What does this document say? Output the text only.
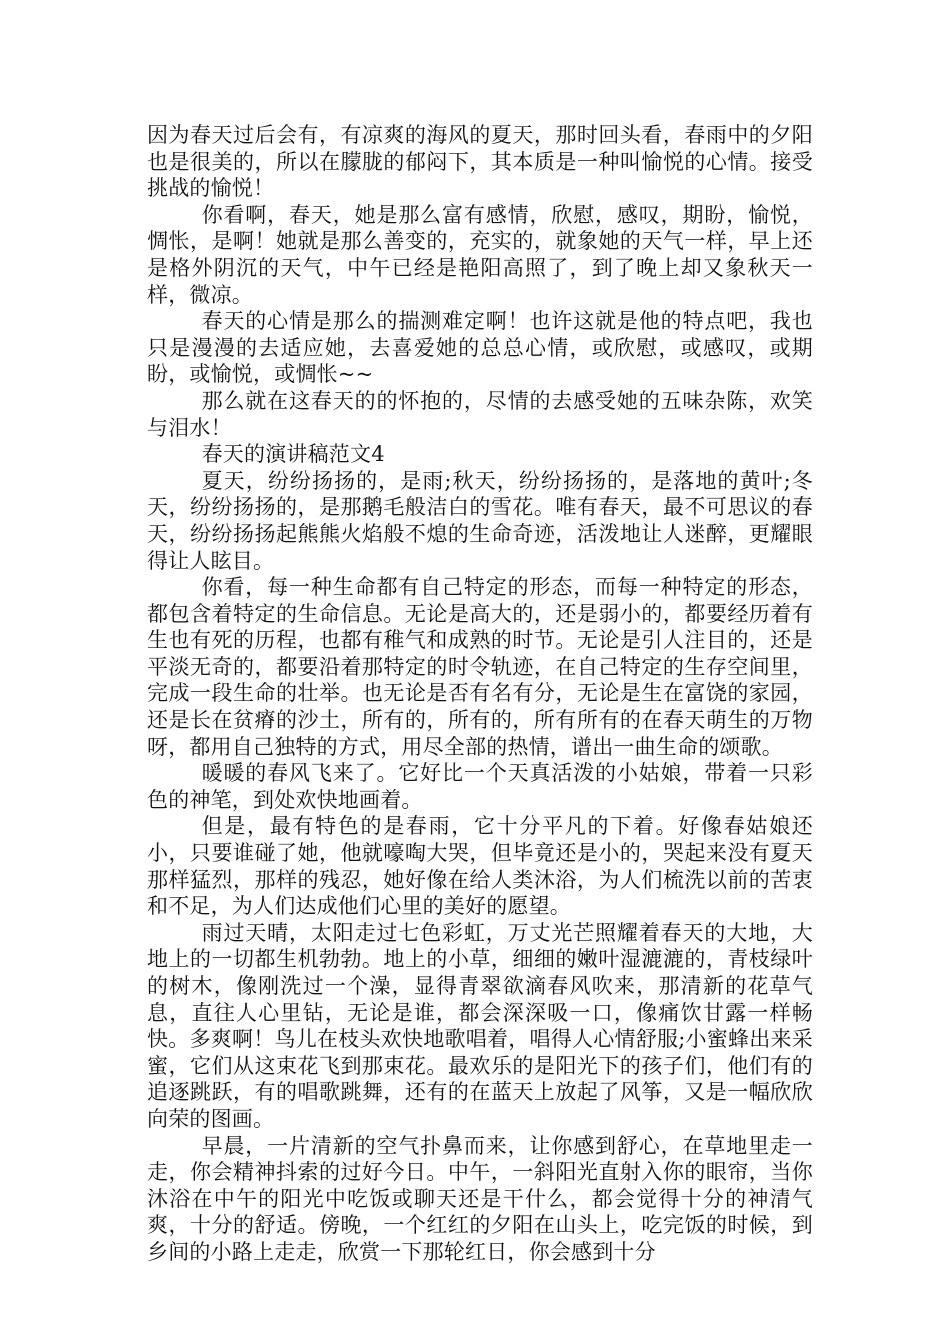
因为春天过后会有，有凉爽的海风的夏天，那时回头看，春雨中的夕阳也是很美的，所以在朦胧的郁闷下，其本质是一种叫愉悦的心情。接受挑战的愉悦！

你看啊，春天，她是那么富有感情，欣慰，感叹，期盼，愉悦，惆怅，是啊！她就是那么善变的，充实的，就象她的天气一样，早上还是格外阴沉的天气，中午已经是艳阳高照了，到了晚上却又象秋天一样，微凉。

春天的心情是那么的揣测难定啊！也许这就是他的特点吧，我也只是漫漫的去适应她，去喜爱她的总总心情，或欣慰，或感叹，或期盼，或愉悦，或惆怅~~

那么就在这春天的的怀抱的，尽情的去感受她的五味杂陈，欢笑与泪水！

春天的演讲稿范文4

夏天，纷纷扬扬的，是雨;秋天，纷纷扬扬的，是落地的黄叶;冬天，纷纷扬扬的，是那鹅毛般洁白的雪花。唯有春天，最不可思议的春天，纷纷扬扬起熊熊火焰般不熄的生命奇迹，活泼地让人迷醉，更耀眼得让人眩目。

你看，每一种生命都有自己特定的形态，而每一种特定的形态，都包含着特定的生命信息。无论是高大的，还是弱小的，都要经历着有生也有死的历程，也都有稚气和成熟的时节。无论是引人注目的，还是平淡无奇的，都要沿着那特定的时令轨迹，在自己特定的生存空间里，完成一段生命的壮举。也无论是否有名有分，无论是生在富饶的家园，还是长在贫瘠的沙土，所有的，所有的，所有所有的在春天萌生的万物呀，都用自己独特的方式，用尽全部的热情，谱出一曲生命的颂歌。

暖暖的春风飞来了。它好比一个天真活泼的小姑娘，带着一只彩色的神笔，到处欢快地画着。

但是，最有特色的是春雨，它十分平凡的下着。好像春姑娘还小，只要谁碰了她，他就嚎啕大哭，但毕竟还是小的，哭起来没有夏天那样猛烈，那样的残忍，她好像在给人类沐浴，为人们梳洗以前的苦衷和不足，为人们达成他们心里的美好的愿望。

雨过天晴，太阳走过七色彩虹，万丈光芒照耀着春天的大地，大地上的一切都生机勃勃。地上的小草，细细的嫩叶湿漉漉的，青枝绿叶的树木，像刚洗过一个澡，显得青翠欲滴春风吹来，那清新的花草气息，直往人心里钻，无论是谁，都会深深吸一口，像痛饮甘露一样畅快。多爽啊！鸟儿在枝头欢快地歌唱着，唱得人心情舒服;小蜜蜂出来采蜜，它们从这束花飞到那束花。最欢乐的是阳光下的孩子们，他们有的追逐跳跃，有的唱歌跳舞，还有的在蓝天上放起了风筝，又是一幅欣欣向荣的图画。

早晨，一片清新的空气扑鼻而来，让你感到舒心，在草地里走一走，你会精神抖索的过好今日。中午，一斜阳光直射入你的眼帘，当你沐浴在中午的阳光中吃饭或聊天还是干什么，都会觉得十分的神清气爽，十分的舒适。傍晚，一个红红的夕阳在山头上，吃完饭的时候，到乡间的小路上走走，欣赏一下那轮红日，你会感到十分
